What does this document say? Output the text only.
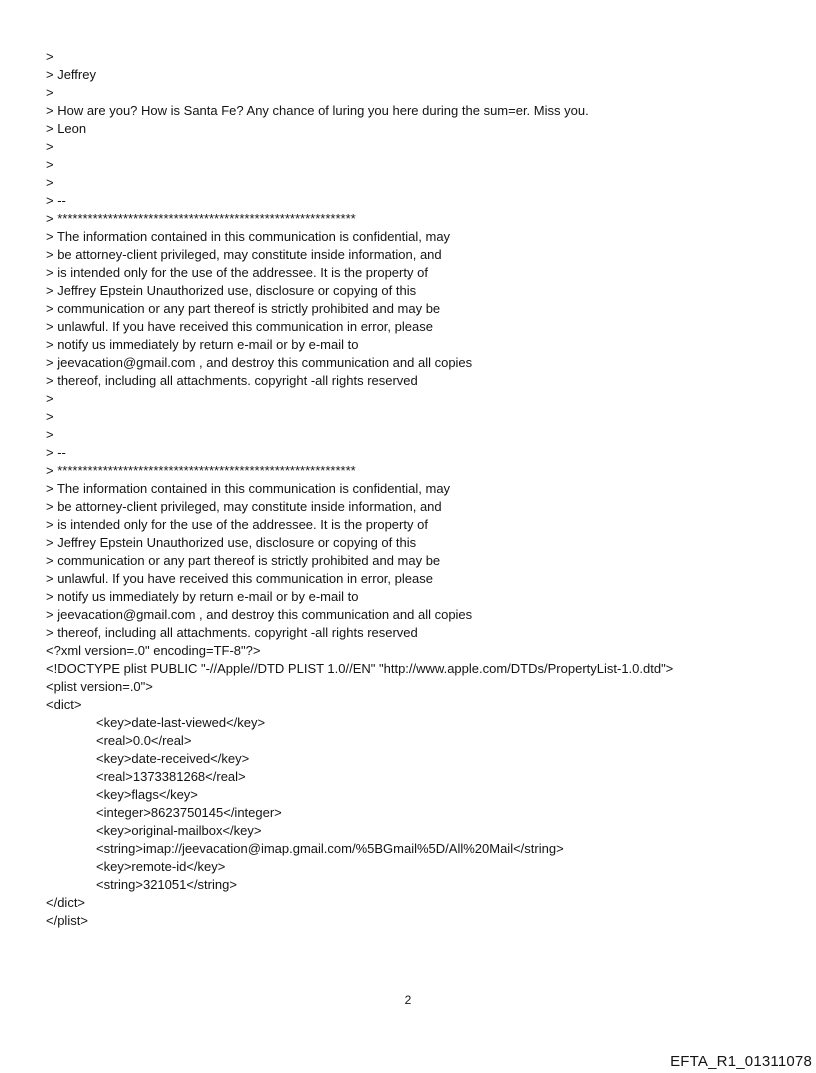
>
> Jeffrey
>
> How are you? How is Santa Fe? Any chance of luring you here during the sum=er. Miss you.
> Leon
>
>
>
> --
> ***********************************************************
> The information contained in this communication is confidential, may
> be attorney-client privileged, may constitute inside information, and
> is intended only for the use of the addressee. It is the property of
> Jeffrey Epstein Unauthorized use, disclosure or copying of this
> communication or any part thereof is strictly prohibited and may be
> unlawful. If you have received this communication in error, please
> notify us immediately by return e-mail or by e-mail to
> jeevacation@gmail.com , and destroy this communication and all copies
> thereof, including all attachments. copyright -all rights reserved
>
>
>
> --
> ***********************************************************
> The information contained in this communication is confidential, may
> be attorney-client privileged, may constitute inside information, and
> is intended only for the use of the addressee. It is the property of
> Jeffrey Epstein Unauthorized use, disclosure or copying of this
> communication or any part thereof is strictly prohibited and may be
> unlawful. If you have received this communication in error, please
> notify us immediately by return e-mail or by e-mail to
> jeevacation@gmail.com , and destroy this communication and all copies
> thereof, including all attachments. copyright -all rights reserved
<?xml version=.0" encoding=TF-8"?>
<!DOCTYPE plist PUBLIC "-//Apple//DTD PLIST 1.0//EN" "http://www.apple.com/DTDs/PropertyList-1.0.dtd">
<plist version=.0">
<dict>
<key>date-last-viewed</key>
<real>0.0</real>
<key>date-received</key>
<real>1373381268</real>
<key>flags</key>
<integer>8623750145</integer>
<key>original-mailbox</key>
<string>imap://jeevacation@imap.gmail.com/%5BGmail%5D/All%20Mail</string>
<key>remote-id</key>
<string>321051</string>
</dict>
</plist>
2
EFTA_R1_01311078
